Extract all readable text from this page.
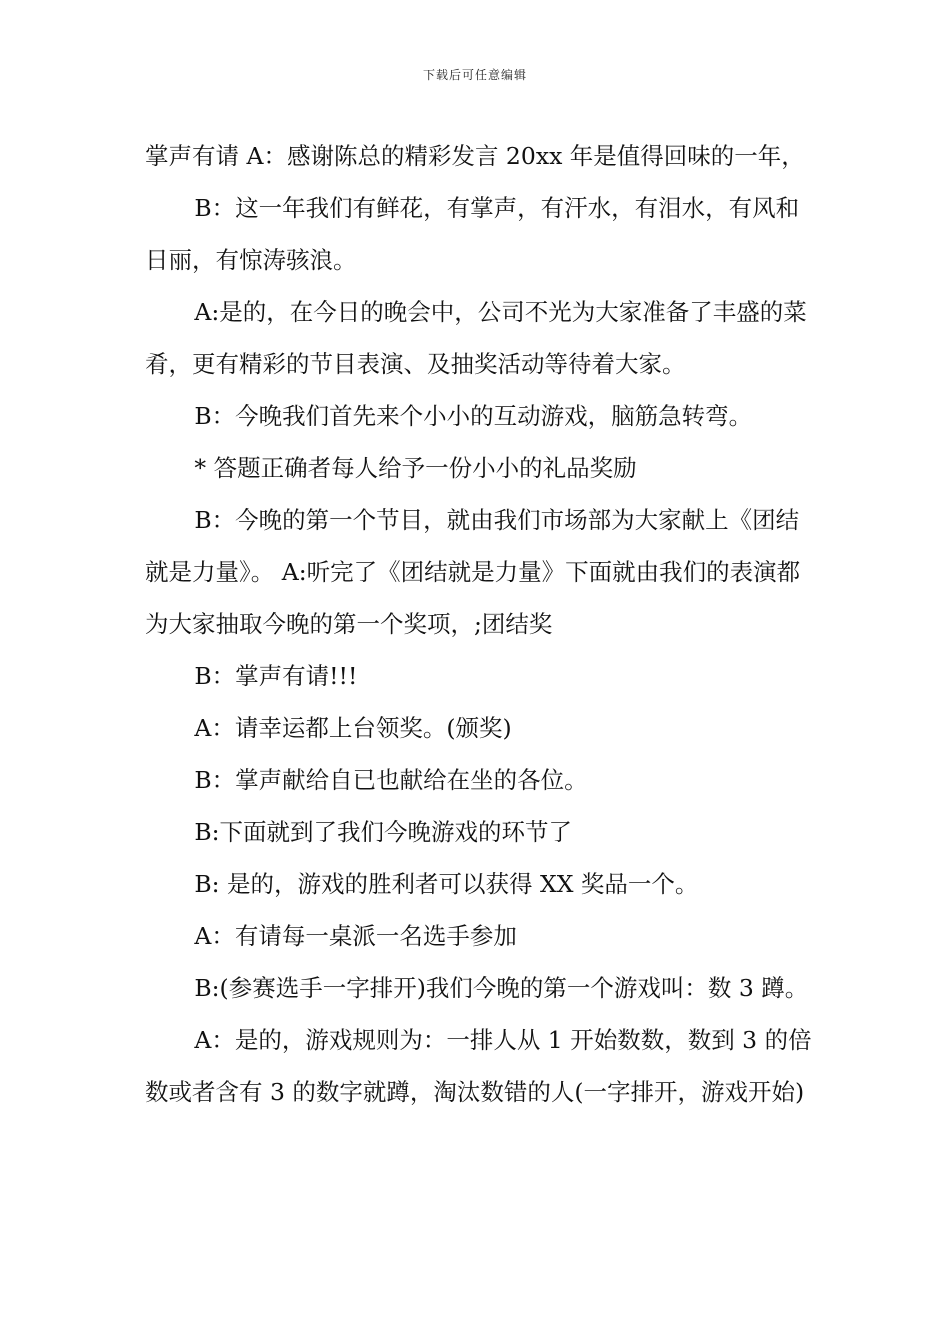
下载后可任意编辑

掌声有请 A：感谢陈总的精彩发言 20xx 年是值得回味的一年，

B：这一年我们有鲜花，有掌声，有汗水，有泪水，有风和日丽，有惊涛骇浪。

A:是的，在今日的晚会中，公司不光为大家准备了丰盛的菜肴，更有精彩的节目表演、及抽奖活动等待着大家。

B：今晚我们首先来个小小的互动游戏，脑筋急转弯。

* 答题正确者每人给予一份小小的礼品奖励

B：今晚的第一个节目，就由我们市场部为大家献上《团结就是力量》。 A:听完了《团结就是力量》下面就由我们的表演都为大家抽取今晚的第一个奖项，;团结奖

B：掌声有请!!!

A：请幸运都上台领奖。(颁奖)

B：掌声献给自已也献给在坐的各位。

B:下面就到了我们今晚游戏的环节了

B: 是的，游戏的胜利者可以获得 XX 奖品一个。

A：有请每一桌派一名选手参加

B:(参赛选手一字排开)我们今晚的第一个游戏叫：数 3 蹲。

A：是的，游戏规则为：一排人从 1 开始数数，数到 3 的倍数或者含有 3 的数字就蹲，淘汰数错的人(一字排开，游戏开始)
